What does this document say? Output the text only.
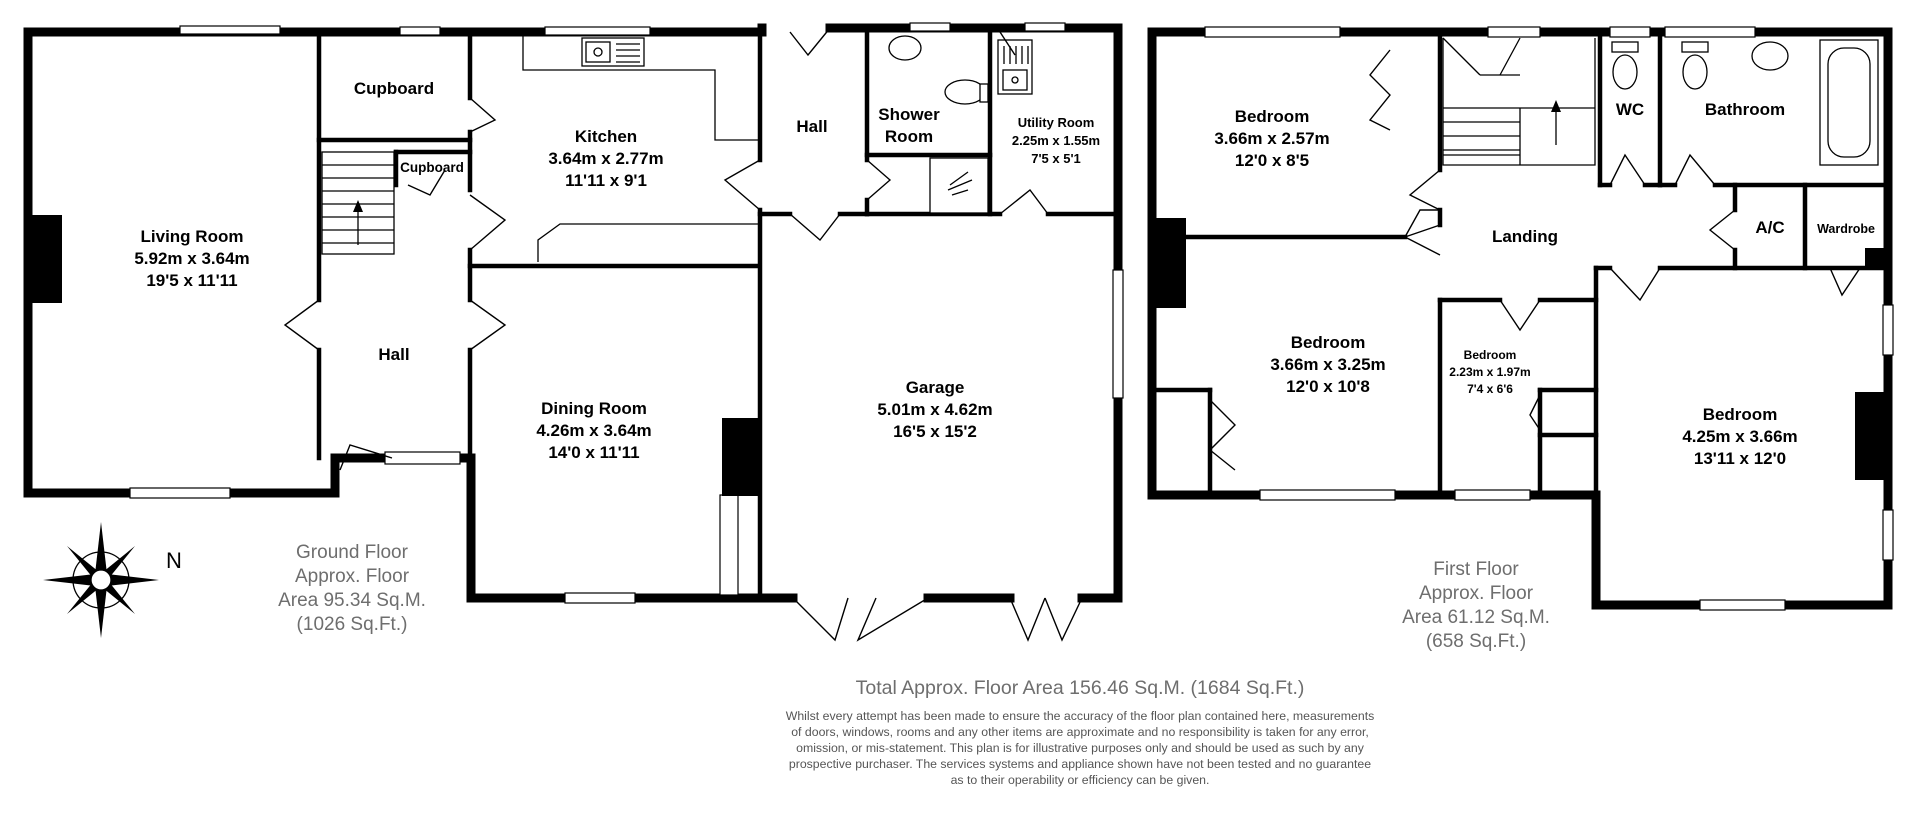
Living Room
5.92m x 3.64m
19'5 x 11'11
Cupboard
Cupboard
Kitchen
3.64m x 2.77m
11'11 x 9'1
Hall
Hall
Shower
Room
Utility Room
2.25m x 1.55m
7'5 x 5'1
Dining Room
4.26m x 3.64m
14'0 x 11'11
Garage
5.01m x 4.62m
16'5 x 15'2
N	Ground Floor
Approx. Floor
Area 95.34 Sq.M.
(1026 Sq.Ft.)
Bedroom
3.66m x 2.57m
12'0 x 8'5
WC	Bathroom
Landing	A/C	Wardrobe
Bedroom
3.66m x 3.25m
12'0 x 10'8
Bedroom
2.23m x 1.97m
7'4 x 6'6
Bedroom
4.25m x 3.66m
13'11 x 12'0
First Floor
Approx. Floor
Area 61.12 Sq.M.
(658 Sq.Ft.)
Total Approx. Floor Area 156.46 Sq.M. (1684 Sq.Ft.)
Whilst every attempt has been made to ensure the accuracy of the floor plan contained here, measurements
of doors, windows, rooms and any other items are approximate and no responsibility is taken for any error,
omission, or mis-statement. This plan is for illustrative purposes only and should be used as such by any
prospective purchaser. The services systems and appliance shown have not been tested and no guarantee
as to their operability or efficiency can be given.
